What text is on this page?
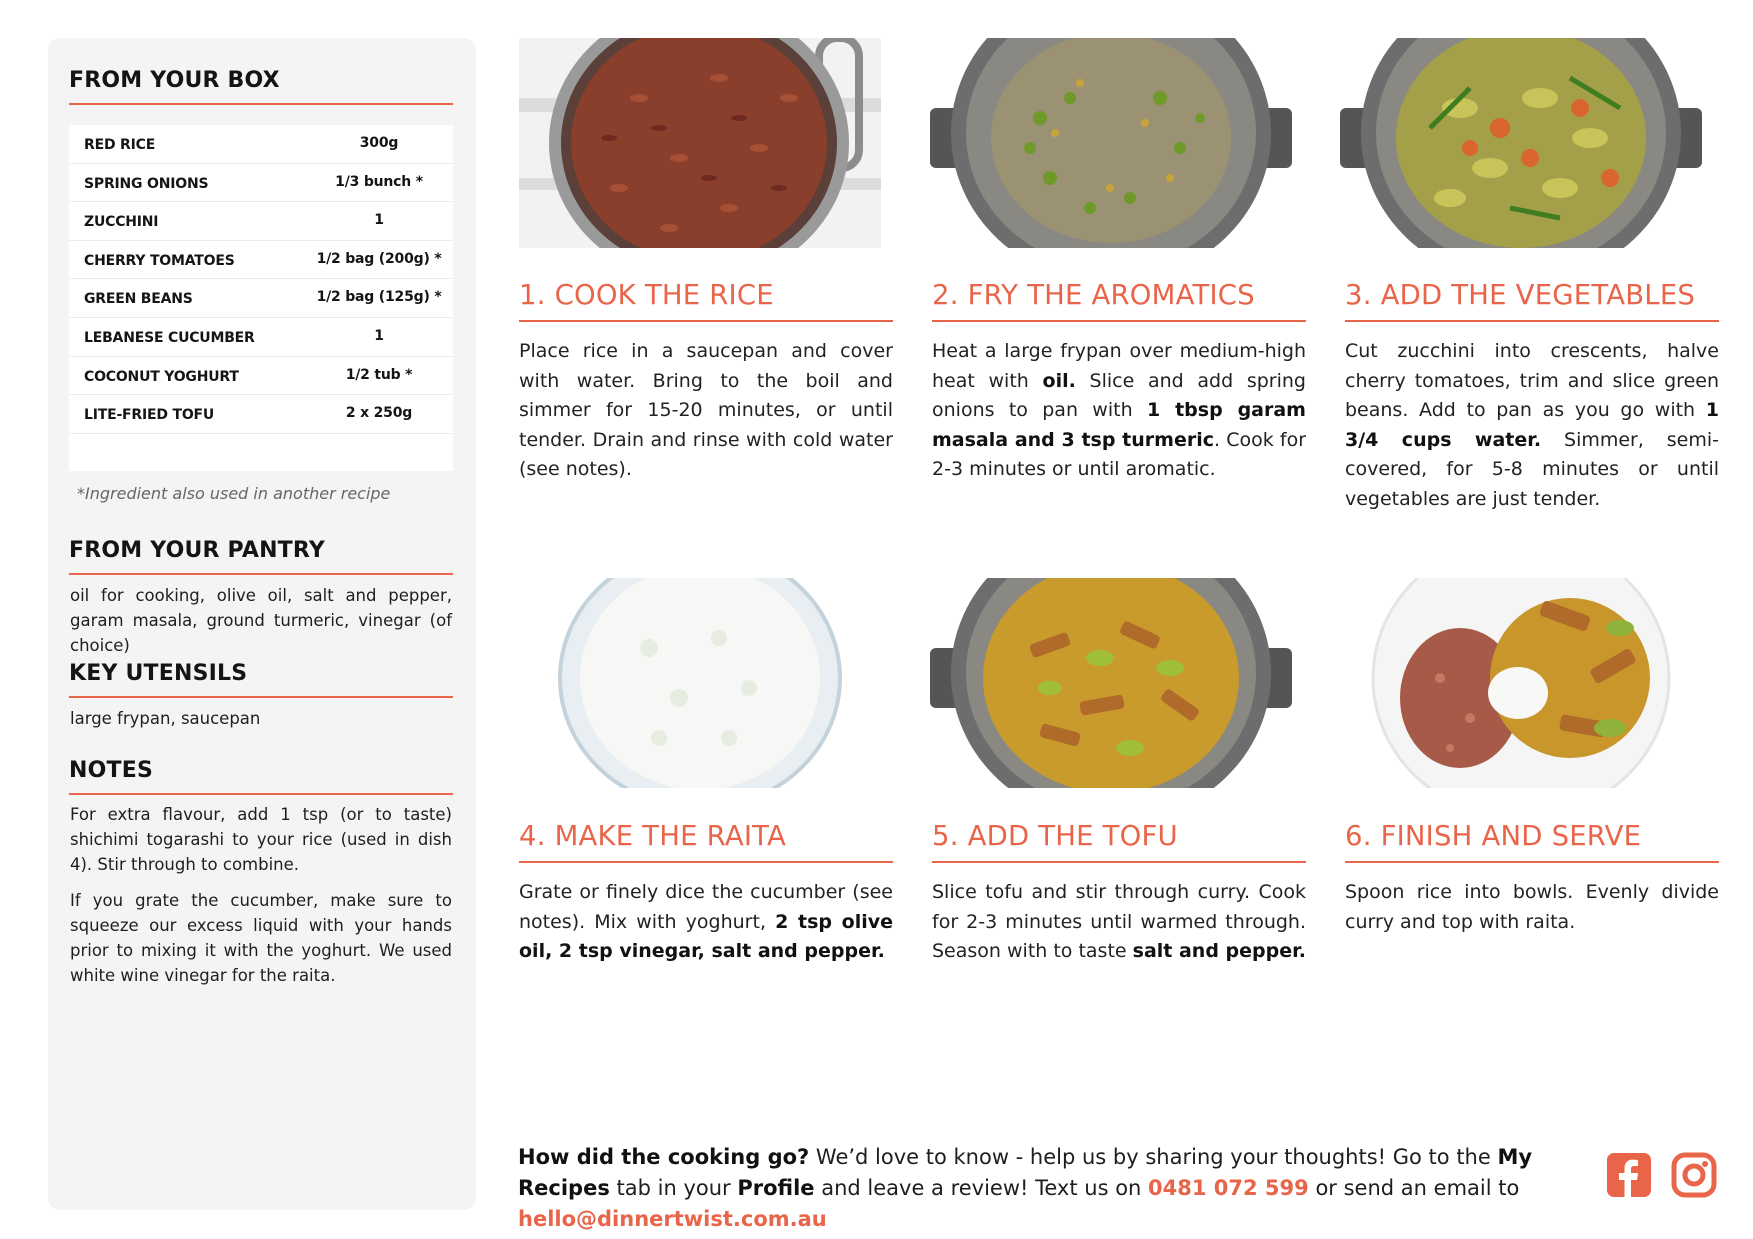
FROM YOUR BOX
RED RICE	300g
SPRING ONIONS	1/3 bunch *
ZUCCHINI	1
CHERRY TOMATOES	1/2 bag (200g) *
GREEN BEANS	1/2 bag (125g) *
LEBANESE CUCUMBER	1
COCONUT YOGHURT	1/2 tub *
LITE-FRIED TOFU	2 x 250g
*Ingredient also used in another recipe
FROM YOUR PANTRY
oil for cooking, olive oil, salt and pepper, garam masala, ground turmeric, vinegar (of choice)
KEY UTENSILS
large frypan, saucepan
NOTES
For extra flavour, add 1 tsp (or to taste) shichimi togarashi to your rice (used in dish 4). Stir through to combine.
If you grate the cucumber, make sure to squeeze our excess liquid with your hands prior to mixing it with the yoghurt. We used white wine vinegar for the raita.
1. COOK THE RICE
Place rice in a saucepan and cover with water. Bring to the boil and simmer for 15-20 minutes, or until tender. Drain and rinse with cold water (see notes).
2. FRY THE AROMATICS
Heat a large frypan over medium-high heat with oil. Slice and add spring onions to pan with 1 tbsp garam masala and 3 tsp turmeric. Cook for 2-3 minutes or until aromatic.
3. ADD THE VEGETABLES
Cut zucchini into crescents, halve cherry tomatoes, trim and slice green beans. Add to pan as you go with 1 3/4 cups water. Simmer, semi-covered, for 5-8 minutes or until vegetables are just tender.
4. MAKE THE RAITA
Grate or finely dice the cucumber (see notes). Mix with yoghurt, 2 tsp olive oil, 2 tsp vinegar, salt and pepper.
5. ADD THE TOFU
Slice tofu and stir through curry. Cook for 2-3 minutes until warmed through. Season with to taste salt and pepper.
6. FINISH AND SERVE
Spoon rice into bowls. Evenly divide curry and top with raita.
How did the cooking go? We’d love to know - help us by sharing your thoughts! Go to the My Recipes tab in your Profile and leave a review! Text us on 0481 072 599 or send an email to hello@dinnertwist.com.au
